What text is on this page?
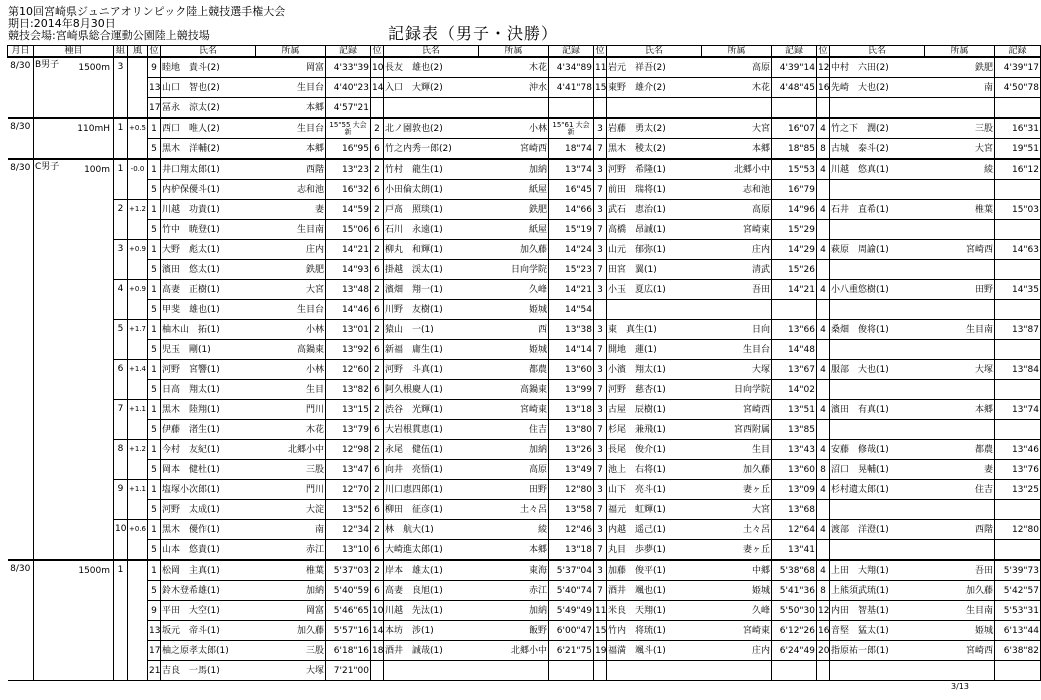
第10回宮崎県ジュニアオリンピック陸上競技選手権大会
期日:2014年8月30日
競技会場:宮崎県総合運動公園陸上競技場	記録表（男子・決勝）
月日	種目		組	風	位	氏名	所属	記録	位	氏名	所属	記録	位	氏名	所属	記録	位	氏名	所属	記録
8/30	B男子	1500m	3		9	睦地　貴斗(2)	岡富	4'33"39	10	長友　雄也(2)	木花	4'34"89	11	岩元　祥吾(2)	高原	4'39"14	12	中村　六田(2)	鉄肥	4'39"17
					13	山口　智也(2)	生目台	4'40"23	14	入口　大輝(2)	沖水	4'41"78	15	東野　雄介(2)	木花	4'48"45	16	先崎　大也(2)	南	4'50"78
					17	冨永　涼太(2)	本郷	4'57"21												
8/30		110mH	1	+0.5	1	西口　唯人(2)	生目台	15"55 大会新	2	北ノ園敦也(2)	小林	15"61 大会新	3	岩藤　勇太(2)	大宮	16"07	4	竹之下　潤(2)	三股	16"31
					5	黒木　洋輔(2)	本郷	16"95	6	竹之内秀一郎(2)	宮崎西	18"74	7	黒木　稜太(2)	本郷	18"85	8	古城　泰斗(2)	大宮	19"51
8/30	C男子	100m	1	-0.0	1	井口翔太郎(1)	西階	13"23	2	竹村　龍生(1)	加納	13"74	3	河野　希隆(1)	北郷小中	15"53	4	川越　悠真(1)	綾	16"12
					5	内枦保優斗(1)	志和池	16"32	6	小田倫太朗(1)	紙屋	16"45	7	前田　瑞将(1)	志和池	16"79				
			2	+1.2	1	川越　功貴(1)	妻	14"59	2	戸髙　照琰(1)	鉄肥	14"66	3	武石　恵治(1)	高原	14"96	4	石井　直希(1)	椎葉	15"03
					5	竹中　暁登(1)	生目南	15"06	6	石川　永遠(1)	紙屋	15"19	7	高橋　昂誠(1)	宮崎東	15"29				
			3	+0.9	1	大野　彪太(1)	庄内	14"21	2	柳丸　和輝(1)	加久藤	14"24	3	山元　郁弥(1)	庄内	14"29	4	萩原　周諭(1)	宮崎西	14"63
					5	濱田　悠太(1)	鉄肥	14"93	6	掛越　渓太(1)	日向学院	15"23	7	田宮　翼(1)	清武	15"26				
			4	+0.9	1	高妻　正樹(1)	大宮	13"48	2	濱畑　翔一(1)	久峰	14"21	3	小玉　夏広(1)	吾田	14"21	4	小八重悠樹(1)	田野	14"35
					5	甲斐　雄也(1)	生目台	14"46	6	川野　友樹(1)	姫城	14"54								
			5	+1.7	1	柚木山　拓(1)	小林	13"01	2	猿山　一(1)	西	13"38	3	東　真生(1)	日向	13"66	4	桑畑　俊将(1)	生目南	13"87
					5	児玉　剛(1)	高鍋東	13"92	6	新福　庸生(1)	姫城	14"14	7	開地　蓮(1)	生目台	14"48				
			6	+1.4	1	河野　宮響(1)	小林	12"60	2	河野　斗真(1)	都農	13"60	3	小濱　翔太(1)	大塚	13"67	4	服部　大也(1)	大塚	13"84
					5	日高　翔太(1)	生目	13"82	6	阿久根慶人(1)	高鍋東	13"99	7	河野　慈杏(1)	日向学院	14"02				
			7	+1.1	1	黒木　陸翔(1)	門川	13"15	2	渋谷　光輝(1)	宮崎東	13"18	3	古屋　辰樹(1)	宮崎西	13"51	4	濱田　有真(1)	本郷	13"74
					5	伊藤　渚生(1)	木花	13"79	6	大岩根貫恵(1)	住吉	13"80	7	杉尾　兼飛(1)	宮西附属	13"85				
			8	+1.2	1	今村　友紀(1)	北郷小中	12"98	2	永尾　健伍(1)	加納	13"26	3	長尾　俊介(1)	生目	13"43	4	安藤　修哉(1)	都農	13"46
					5	岡本　健杜(1)	三股	13"47	6	向井　亮悟(1)	高原	13"49	7	池上　右将(1)	加久藤	13"60	8	沼口　晃輔(1)	妻	13"76
			9	+1.1	1	塩塚小次郎(1)	門川	12"70	2	川口恵四郎(1)	田野	12"80	3	山下　亮斗(1)	妻ヶ丘	13"09	4	杉村遺太郎(1)	住吉	13"25
					5	河野　太成(1)	大淀	13"52	6	柳田　征彦(1)	土々呂	13"58	7	福元　虹輝(1)	大宮	13"68				
			10	+0.6	1	黒木　優作(1)	南	12"34	2	林　航大(1)	綾	12"46	3	内越　遥己(1)	土々呂	12"64	4	渡部　洋澄(1)	西階	12"80
					5	山本　悠貴(1)	赤江	13"10	6	大崎進太郎(1)	本郷	13"18	7	丸目　歩夢(1)	妻ヶ丘	13"41				
8/30		1500m	1		1	松岡　主真(1)	椎葉	5'37"03	2	岸本　雄太(1)	東海	5'37"04	3	加藤　俊平(1)	中郷	5'38"68	4	上田　大翔(1)	吾田	5'39"73
					5	鈴木登希雄(1)	加納	5'40"59	6	高妻　良旭(1)	赤江	5'40"74	7	酒井　颯也(1)	姫城	5'41"36	8	上熊須武琉(1)	加久藤	5'42"57
					9	平田　大空(1)	岡富	5'46"65	10	川越　先汰(1)	加納	5'49"49	11	米良　天翔(1)	久峰	5'50"30	12	内田　智基(1)	生目南	5'53"31
					13	坂元　帝斗(1)	加久藤	5'57"16	14	本坊　涉(1)	飯野	6'00"47	15	竹内　将琉(1)	宮崎東	6'12"26	16	音堅　猛太(1)	姫城	6'13"44
					17	柚之原孝太郎(1)	三股	6'18"16	18	酒井　誠哉(1)	北郷小中	6'21"75	19	福満　颯斗(1)	庄内	6'24"49	20	指原祐一郎(1)	宮崎西	6'38"82
					21	吉良　一馬(1)	大塚	7'21"00												
3/13
